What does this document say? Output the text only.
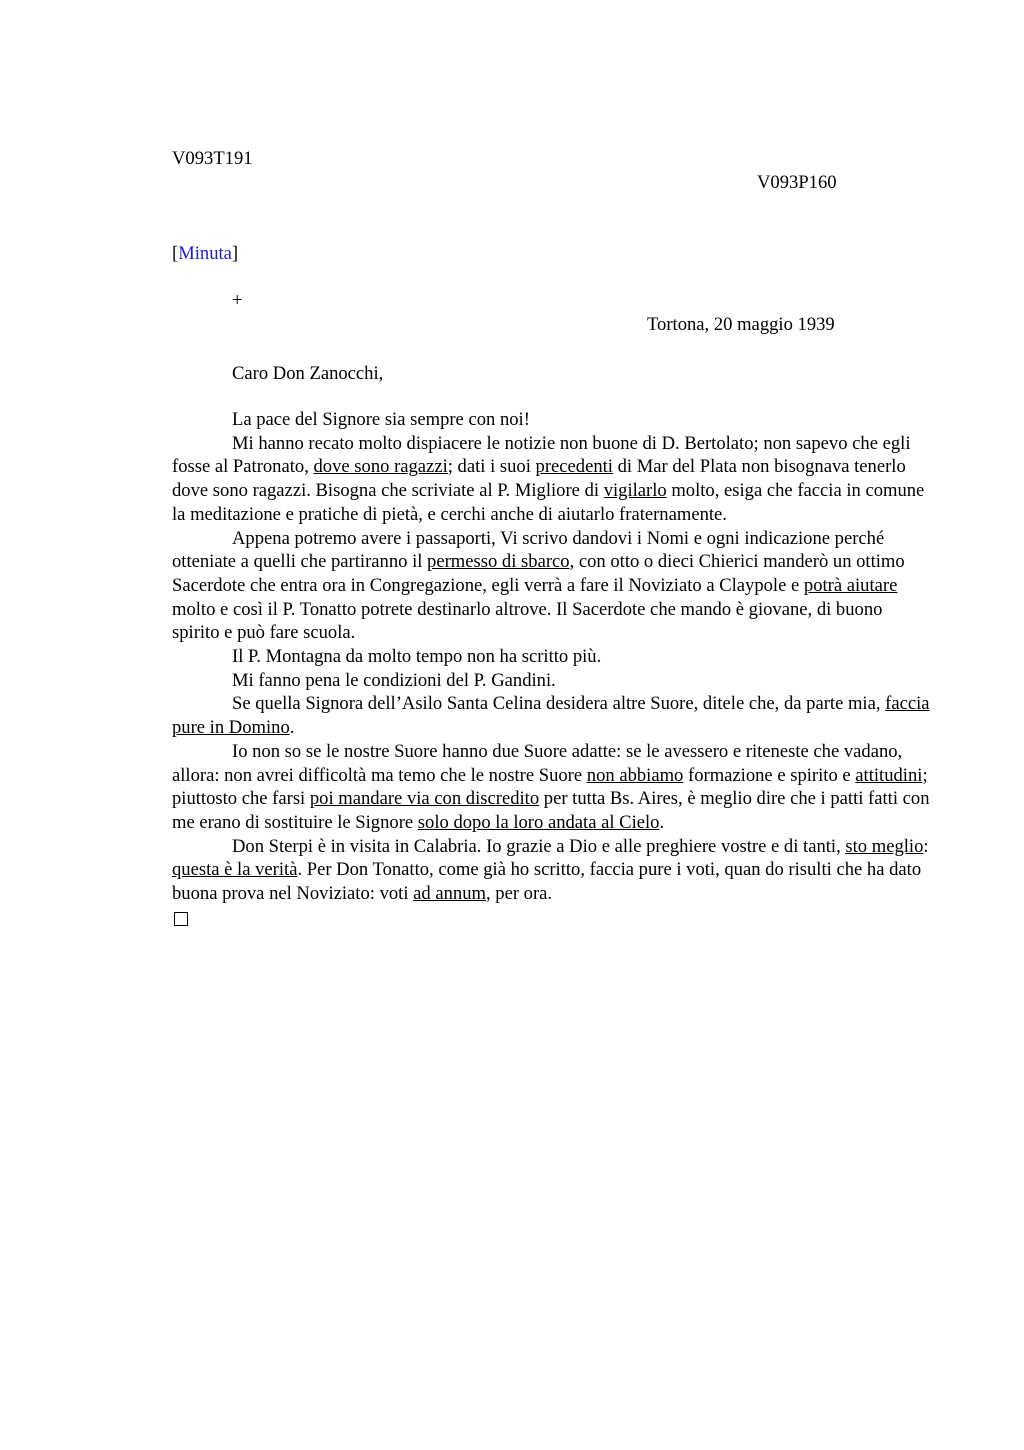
V093T191
V093P160
[Minuta]
+
Tortona, 20 maggio 1939
Caro Don Zanocchi,

La pace del Signore sia sempre con noi!

Mi hanno recato molto dispiacere le notizie non buone di D. Bertolato; non sapevo che egli fosse al Patronato, dove sono ragazzi; dati i suoi precedenti di Mar del Plata non bisognava tenerlo dove sono ragazzi. Bisogna che scriviate al P. Migliore di vigilarlo molto, esiga che faccia in comune la meditazione e pratiche di pietà, e cerchi anche di aiutarlo fraternamente.

Appena potremo avere i passaporti, Vi scrivo dandovi i Nomi e ogni indicazione perché otteniate a quelli che partiranno il permesso di sbarco, con otto o dieci Chierici manderò un ottimo Sacerdote che entra ora in Congregazione, egli verrà a fare il Noviziato a Claypole e potrà aiutare molto e così il P. Tonatto potrete destinarlo altrove. Il Sacerdote che mando è giovane, di buono spirito e può fare scuola.

Il P. Montagna da molto tempo non ha scritto più.

Mi fanno pena le condizioni del P. Gandini.

Se quella Signora dell’Asilo Santa Celina desidera altre Suore, ditele che, da parte mia, faccia pure in Domino.

Io non so se le nostre Suore hanno due Suore adatte: se le avessero e riteneste che vadano, allora: non avrei difficoltà ma temo che le nostre Suore non abbiamo formazione e spirito e attitudini; piuttosto che farsi poi mandare via con discredito per tutta Bs. Aires, è meglio dire che i patti fatti con me erano di sostituire le Signore solo dopo la loro andata al Cielo.

Don Sterpi è in visita in Calabria. Io grazie a Dio e alle preghiere vostre e di tanti, sto meglio: questa è la verità. Per Don Tonatto, come già ho scritto, faccia pure i voti, quan do risulti che ha dato buona prova nel Noviziato: voti ad annum, per ora.
